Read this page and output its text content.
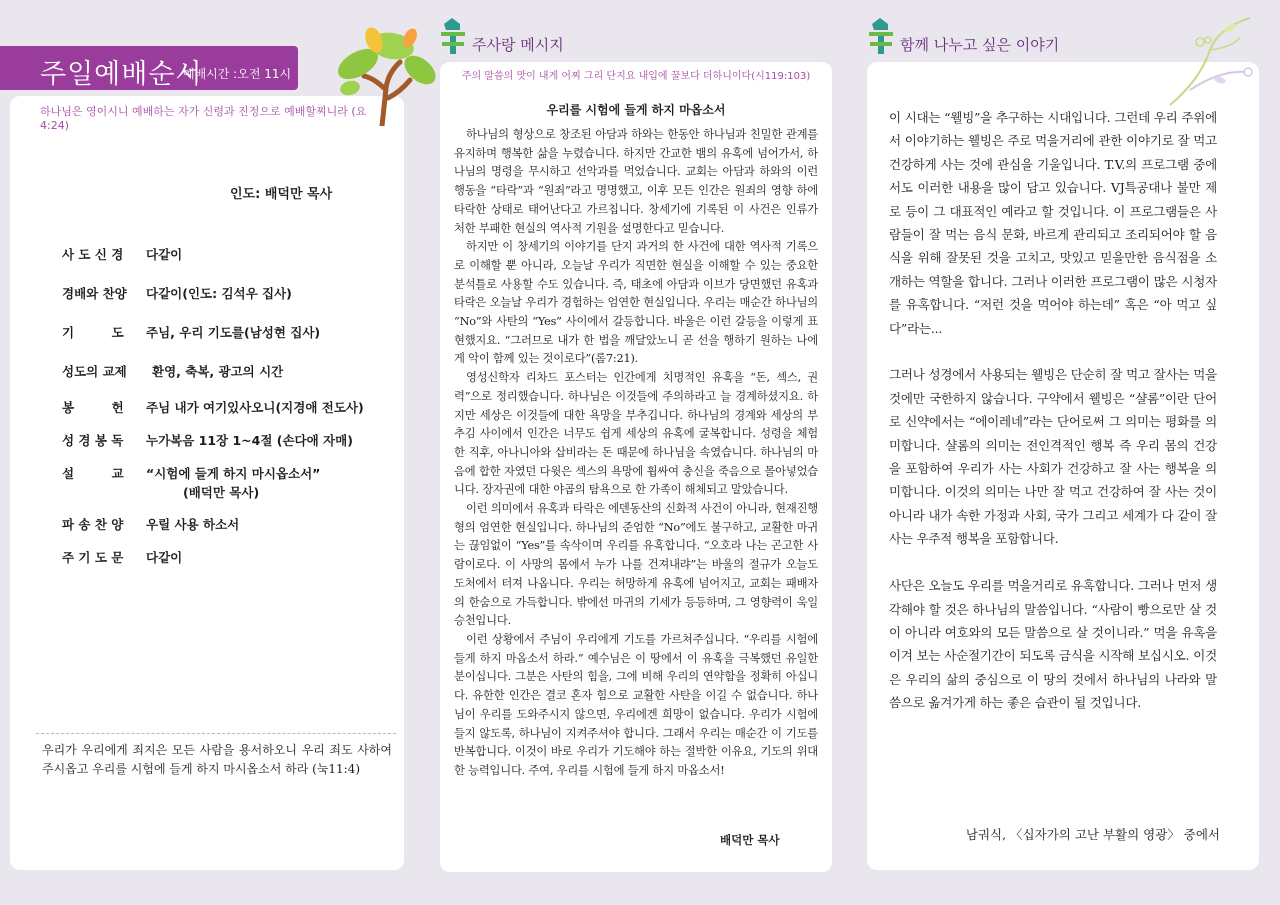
주일예배순서
예배시간 :오전 11시
하나님은 영이시니 예배하는 자가 신령과 진정으로 예배할찌니라 (요4:24)
인도: 배덕만 목사
사 도 신 경	다같이
경배와 찬양	다같이(인도: 김석우 집사)
기　　　도	주님, 우리 기도를(남성현 집사)
성도의 교제	환영, 축복, 광고의 시간
봉　　　헌	주님 내가 여기있사오니(지경애 전도사)
성 경 봉 독	누가복음 11장 1~4절 (손다애 자매)
설　　　교	“시험에 들게 하지 마시옵소서”
(배덕만 목사)
파 송 찬 양	우릴 사용 하소서
주 기 도 문	다같이
우리가 우리에게 죄지은 모든 사람을 용서하오니 우리 죄도 사하여 주시옵고 우리를 시험에 들게 하지 마시옵소서 하라 (눅11:4)
주사랑 메시지
주의 말씀의 맛이 내게 어찌 그리 단지요 내입에 꿀보다 더하니이다(시119:103)
우리를 시험에 들게 하지 마옵소서

하나님의 형상으로 창조된 아담과 하와는 한동안 하나님과 친밀한 관계를 유지하며 행복한 삶을 누렸습니다. 하지만 간교한 뱀의 유혹에 넘어가서, 하나님의 명령을 무시하고 선악과를 먹었습니다. 교회는 아담과 하와의 이런 행동을 “타락”과 “원죄”라고 명명했고, 이후 모든 인간은 원죄의 영향 하에 타락한 상태로 태어난다고 가르칩니다. 창세기에 기록된 이 사건은 인류가 처한 부패한 현실의 역사적 기원을 설명한다고 믿습니다.

하지만 이 창세기의 이야기를 단지 과거의 한 사건에 대한 역사적 기록으로 이해할 뿐 아니라, 오늘날 우리가 직면한 현실을 이해할 수 있는 중요한 분석틀로 사용할 수도 있습니다. 즉, 태초에 아담과 이브가 당면했던 유혹과 타락은 오늘날 우리가 경험하는 엄연한 현실입니다. 우리는 매순간 하나님의 “No”와 사탄의 “Yes” 사이에서 갈등합니다. 바울은 이런 갈등을 이렇게 표현했지요. “그러므로 내가 한 법을 깨달았노니 곧 선을 행하기 원하는 나에게 악이 함께 있는 것이로다”(롬7:21).

영성신학자 리차드 포스터는 인간에게 치명적인 유혹을 “돈, 섹스, 권력”으로 정리했습니다. 하나님은 이것들에 주의하라고 늘 경계하셨지요. 하지만 세상은 이것들에 대한 욕망을 부추깁니다. 하나님의 경계와 세상의 부추김 사이에서 인간은 너무도 쉽게 세상의 유혹에 굴복합니다. 성령을 체험한 직후, 아나니아와 삽비라는 돈 때문에 하나님을 속였습니다. 하나님의 마음에 합한 자였던 다윗은 섹스의 욕망에 휩싸여 충신을 죽음으로 몰아넣었습니다. 장자권에 대한 야곱의 탐욕으로 한 가족이 해체되고 말았습니다.

이런 의미에서 유혹과 타락은 에덴동산의 신화적 사건이 아니라, 현재진행형의 엄연한 현실입니다. 하나님의 준엄한 “No”에도 불구하고, 교활한 마귀는 끊임없이 “Yes”를 속삭이며 우리를 유혹합니다. “오호라 나는 곤고한 사람이로다. 이 사망의 몸에서 누가 나를 건져내랴”는 바울의 절규가 오늘도 도처에서 터져 나옵니다. 우리는 허망하게 유혹에 넘어지고, 교회는 패배자의 한숨으로 가득합니다. 밖에선 마귀의 기세가 등등하며, 그 영향력이 욱일승천입니다.

이런 상황에서 주님이 우리에게 기도를 가르쳐주십니다. “우리를 시험에 들게 하지 마옵소서 하라.” 예수님은 이 땅에서 이 유혹을 극복했던 유일한 분이십니다. 그분은 사탄의 힘을, 그에 비해 우리의 연약함을 정확히 아십니다. 유한한 인간은 결코 혼자 힘으로 교활한 사탄을 이길 수 없습니다. 하나님이 우리를 도와주시지 않으면, 우리에겐 희망이 없습니다. 우리가 시험에 들지 않도록, 하나님이 지켜주셔야 합니다. 그래서 우리는 매순간 이 기도를 반복합니다. 이것이 바로 우리가 기도해야 하는 절박한 이유요, 기도의 위대한 능력입니다. 주여, 우리를 시험에 들게 하지 마옵소서!

배덕만 목사
함께 나누고 싶은 이야기

이 시대는 “웰빙”을 추구하는 시대입니다. 그런데 우리 주위에서 이야기하는 웰빙은 주로 먹을거리에 관한 이야기로 잘 먹고 건강하게 사는 것에 관심을 기울입니다. T.V.의 프로그램 중에서도 이러한 내용을 많이 담고 있습니다. VJ특공대나 불만 제로 등이 그 대표적인 예라고 할 것입니다. 이 프로그램들은 사람들이 잘 먹는 음식 문화, 바르게 관리되고 조리되어야 할 음식을 위해 잘못된 것을 고치고, 맛있고 믿을만한 음식점을 소개하는 역할을 합니다. 그러나 이러한 프로그램이 많은 시청자를 유혹합니다. “저런 것을 먹어야 하는데” 혹은 “아 먹고 싶다”라는...

그러나 성경에서 사용되는 웰빙은 단순히 잘 먹고 잘사는 먹을 것에만 국한하지 않습니다. 구약에서 웰빙은 “샬롬”이란 단어로 신약에서는 “에이레네”라는 단어로써 그 의미는 평화를 의미합니다. 샬롬의 의미는 전인격적인 행복 즉 우리 몸의 건강을 포함하여 우리가 사는 사회가 건강하고 잘 사는 행복을 의미합니다. 이것의 의미는 나만 잘 먹고 건강하여 잘 사는 것이 아니라 내가 속한 가정과 사회, 국가 그리고 세계가 다 같이 잘사는 우주적 행복을 포함합니다.

사단은 오늘도 우리를 먹을거리로 유혹합니다. 그러나 먼저 생각해야 할 것은 하나님의 말씀입니다. “사람이 빵으로만 살 것이 아니라 여호와의 모든 말씀으로 살 것이니라.” 먹을 유혹을 이겨 보는 사순절기간이 되도록 금식을 시작해 보십시오. 이것은 우리의 삶의 중심으로 이 땅의 것에서 하나님의 나라와 말씀으로 옮겨가게 하는 좋은 습관이 될 것입니다.

남궈식, 〈십자가의 고난 부활의 영광〉 중에서
